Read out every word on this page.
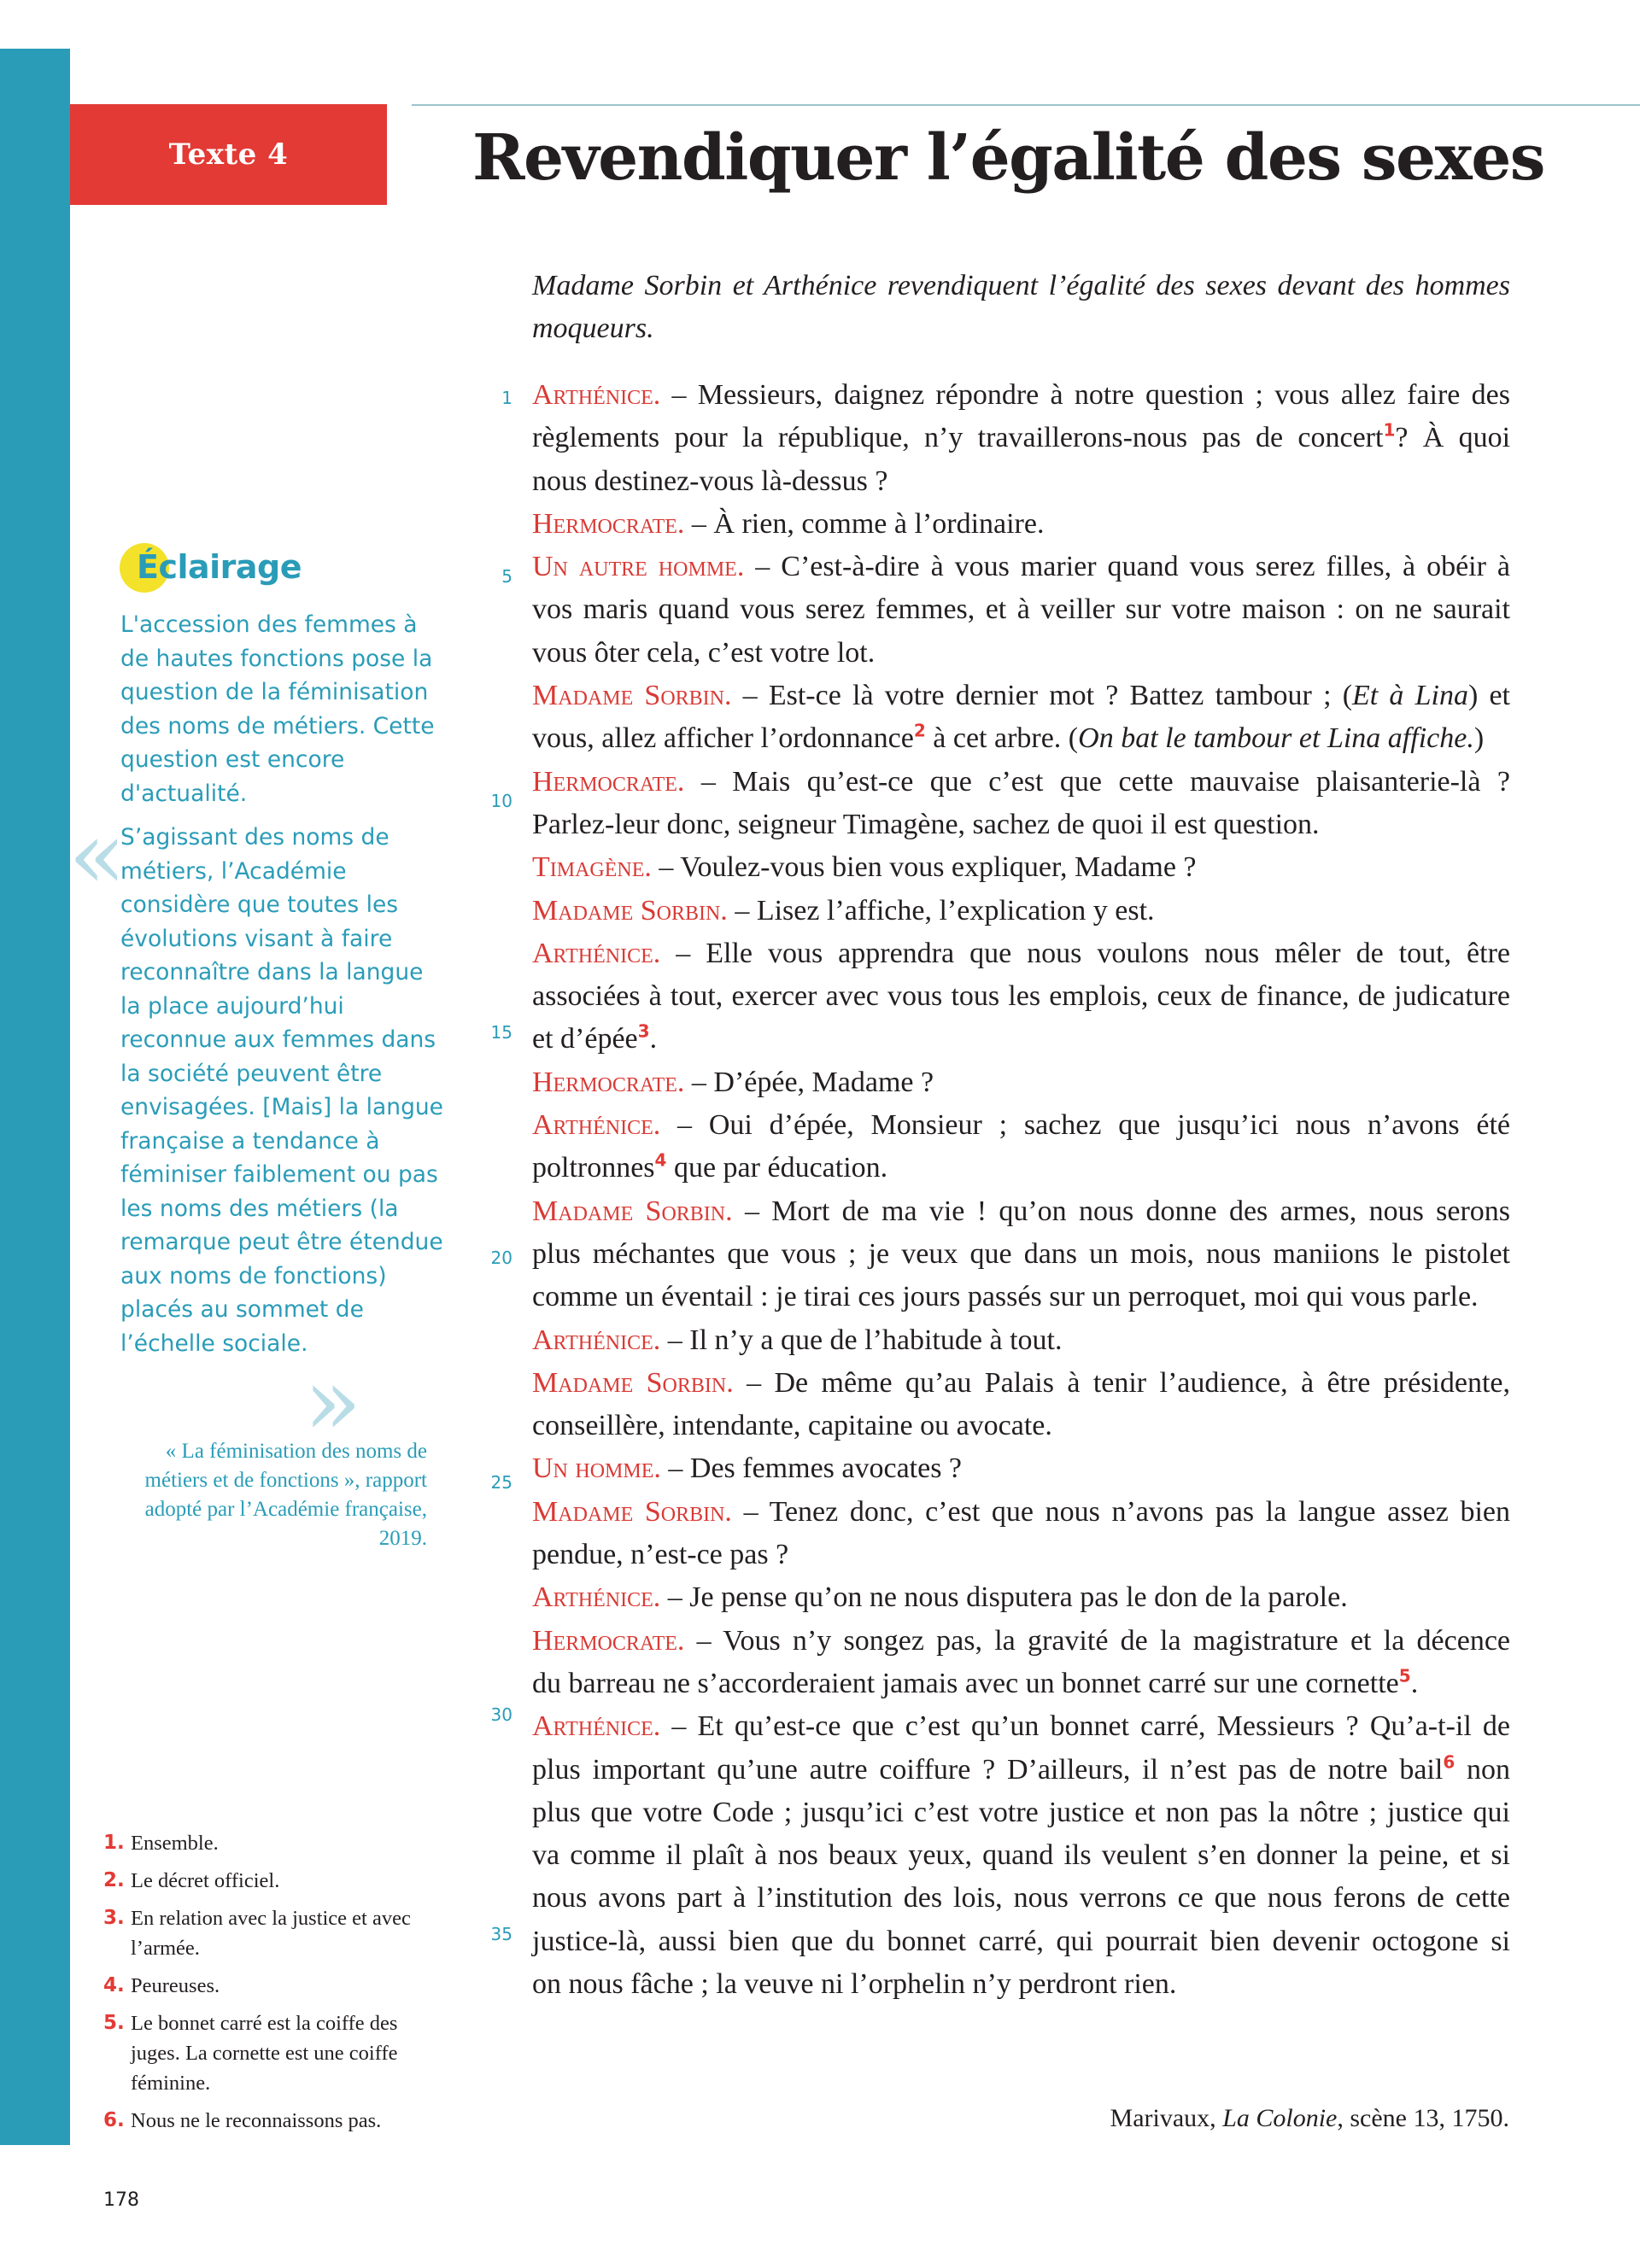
Texte 4	Revendiquer l’égalité des sexes

Madame Sorbin et Arthénice revendiquent l’égalité des sexes devant des hommes moqueurs.

1
5
10
15
20
25
30
35
Arthénice. – Messieurs, daignez répondre à notre question ; vous allez faire des
règlements pour la république, n’y travaillerons-nous pas de concert$^1$? À quoi
nous destinez-vous là-dessus ?
Hermocrate. – À rien, comme à l’ordinaire.
Un autre homme. – C’est-à-dire à vous marier quand vous serez filles, à obéir à
vos maris quand vous serez femmes, et à veiller sur votre maison : on ne saurait
vous ôter cela, c’est votre lot.
Madame Sorbin. – Est-ce là votre dernier mot ? Battez tambour ; (Et à Lina) et
vous, allez afficher l’ordonnance$^2$ à cet arbre. (On bat le tambour et Lina affiche.)
Hermocrate. – Mais qu’est-ce que c’est que cette mauvaise plaisanterie-là ?
Parlez-leur donc, seigneur Timagène, sachez de quoi il est question.
Timagène. – Voulez-vous bien vous expliquer, Madame ?
Madame Sorbin. – Lisez l’affiche, l’explication y est.
Arthénice. – Elle vous apprendra que nous voulons nous mêler de tout, être
associées à tout, exercer avec vous tous les emplois, ceux de finance, de judicature
et d’épée$^3$.
Hermocrate. – D’épée, Madame ?
Arthénice. – Oui d’épée, Monsieur ; sachez que jusqu’ici nous n’avons été
poltronnes$^4$ que par éducation.
Madame Sorbin. – Mort de ma vie ! qu’on nous donne des armes, nous serons
plus méchantes que vous ; je veux que dans un mois, nous maniions le pistolet
comme un éventail : je tirai ces jours passés sur un perroquet, moi qui vous parle.
Arthénice. – Il n’y a que de l’habitude à tout.
Madame Sorbin. – De même qu’au Palais à tenir l’audience, à être présidente,
conseillère, intendante, capitaine ou avocate.
Un homme. – Des femmes avocates ?
Madame Sorbin. – Tenez donc, c’est que nous n’avons pas la langue assez bien
pendue, n’est-ce pas ?
Arthénice. – Je pense qu’on ne nous disputera pas le don de la parole.
Hermocrate. – Vous n’y songez pas, la gravité de la magistrature et la décence
du barreau ne s’accorderaient jamais avec un bonnet carré sur une cornette$^5$.
Arthénice. – Et qu’est-ce que c’est qu’un bonnet carré, Messieurs ? Qu’a-t-il de
plus important qu’une autre coiffure ? D’ailleurs, il n’est pas de notre bail$^6$ non
plus que votre Code ; jusqu’ici c’est votre justice et non pas la nôtre ; justice qui
va comme il plaît à nos beaux yeux, quand ils veulent s’en donner la peine, et si
nous avons part à l’institution des lois, nous verrons ce que nous ferons de cette
justice-là, aussi bien que du bonnet carré, qui pourrait bien devenir octogone si
on nous fâche ; la veuve ni l’orphelin n’y perdront rien.
Marivaux, La Colonie, scène 13, 1750.
Éclairage

L'accession des femmes à de hautes fonctions pose la question de la féminisation des noms de métiers. Cette question est encore d'actualité.

«

S’agissant des noms de métiers, l’Académie considère que toutes les évolutions visant à faire reconnaître dans la langue la place aujourd’hui reconnue aux femmes dans la société peuvent être envisagées. [Mais] la langue française a tendance à féminiser faiblement ou pas les noms des métiers (la remarque peut être étendue aux noms de fonctions) placés au sommet de l’échelle sociale.

»

« La féminisation des noms de métiers et de fonctions », rapport adopté par l’Académie française, 2019.

1. Ensemble.
2. Le décret officiel.
3. En relation avec la justice et avec l’armée.
4. Peureuses.
5. Le bonnet carré est la coiffe des juges. La cornette est une coiffe féminine.
6. Nous ne le reconnaissons pas.
178
